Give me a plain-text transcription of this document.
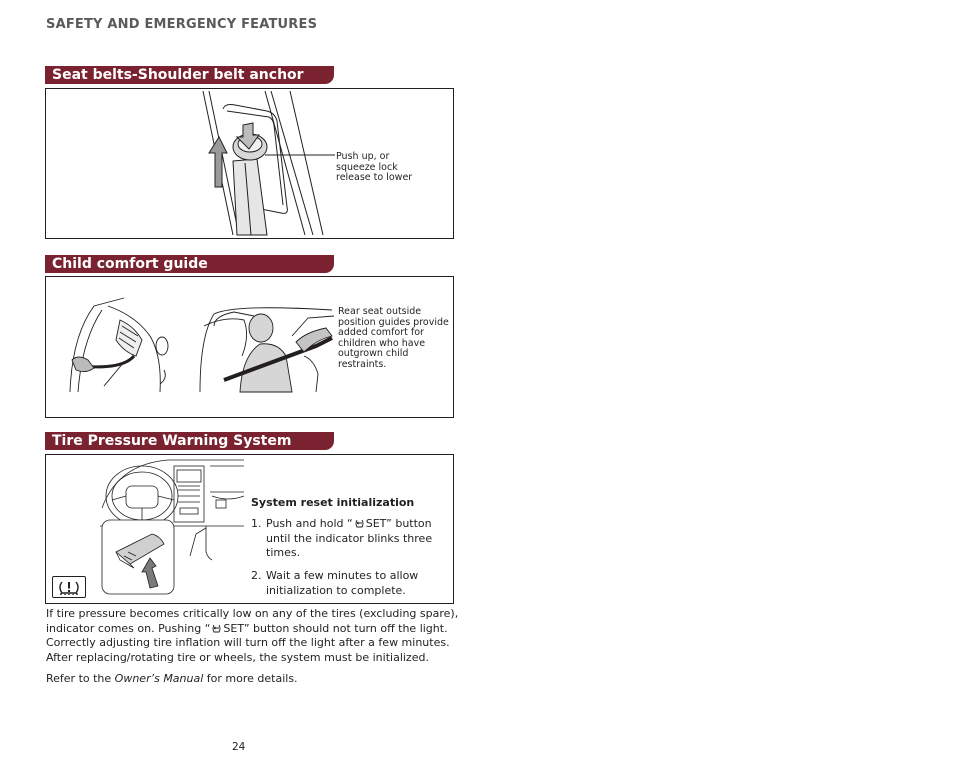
SAFETY AND EMERGENCY FEATURES
Seat belts-Shoulder belt anchor
Push up, or
squeeze lock
release to lower
Child comfort guide
Rear seat outside
position guides provide
added comfort for
children who have
outgrown child
restraints.
Tire Pressure Warning System
System reset initialization
1. Push and hold “ SET” button
until the indicator blinks three
times.
2. Wait a few minutes to allow
initialization to complete.
If tire pressure becomes critically low on any of the tires (excluding spare),
indicator comes on. Pushing “ SET” button should not turn off the light.
Correctly adjusting tire inflation will turn off the light after a few minutes.
After replacing/rotating tire or wheels, the system must be initialized.
Refer to the Owner’s Manual for more details.
24
